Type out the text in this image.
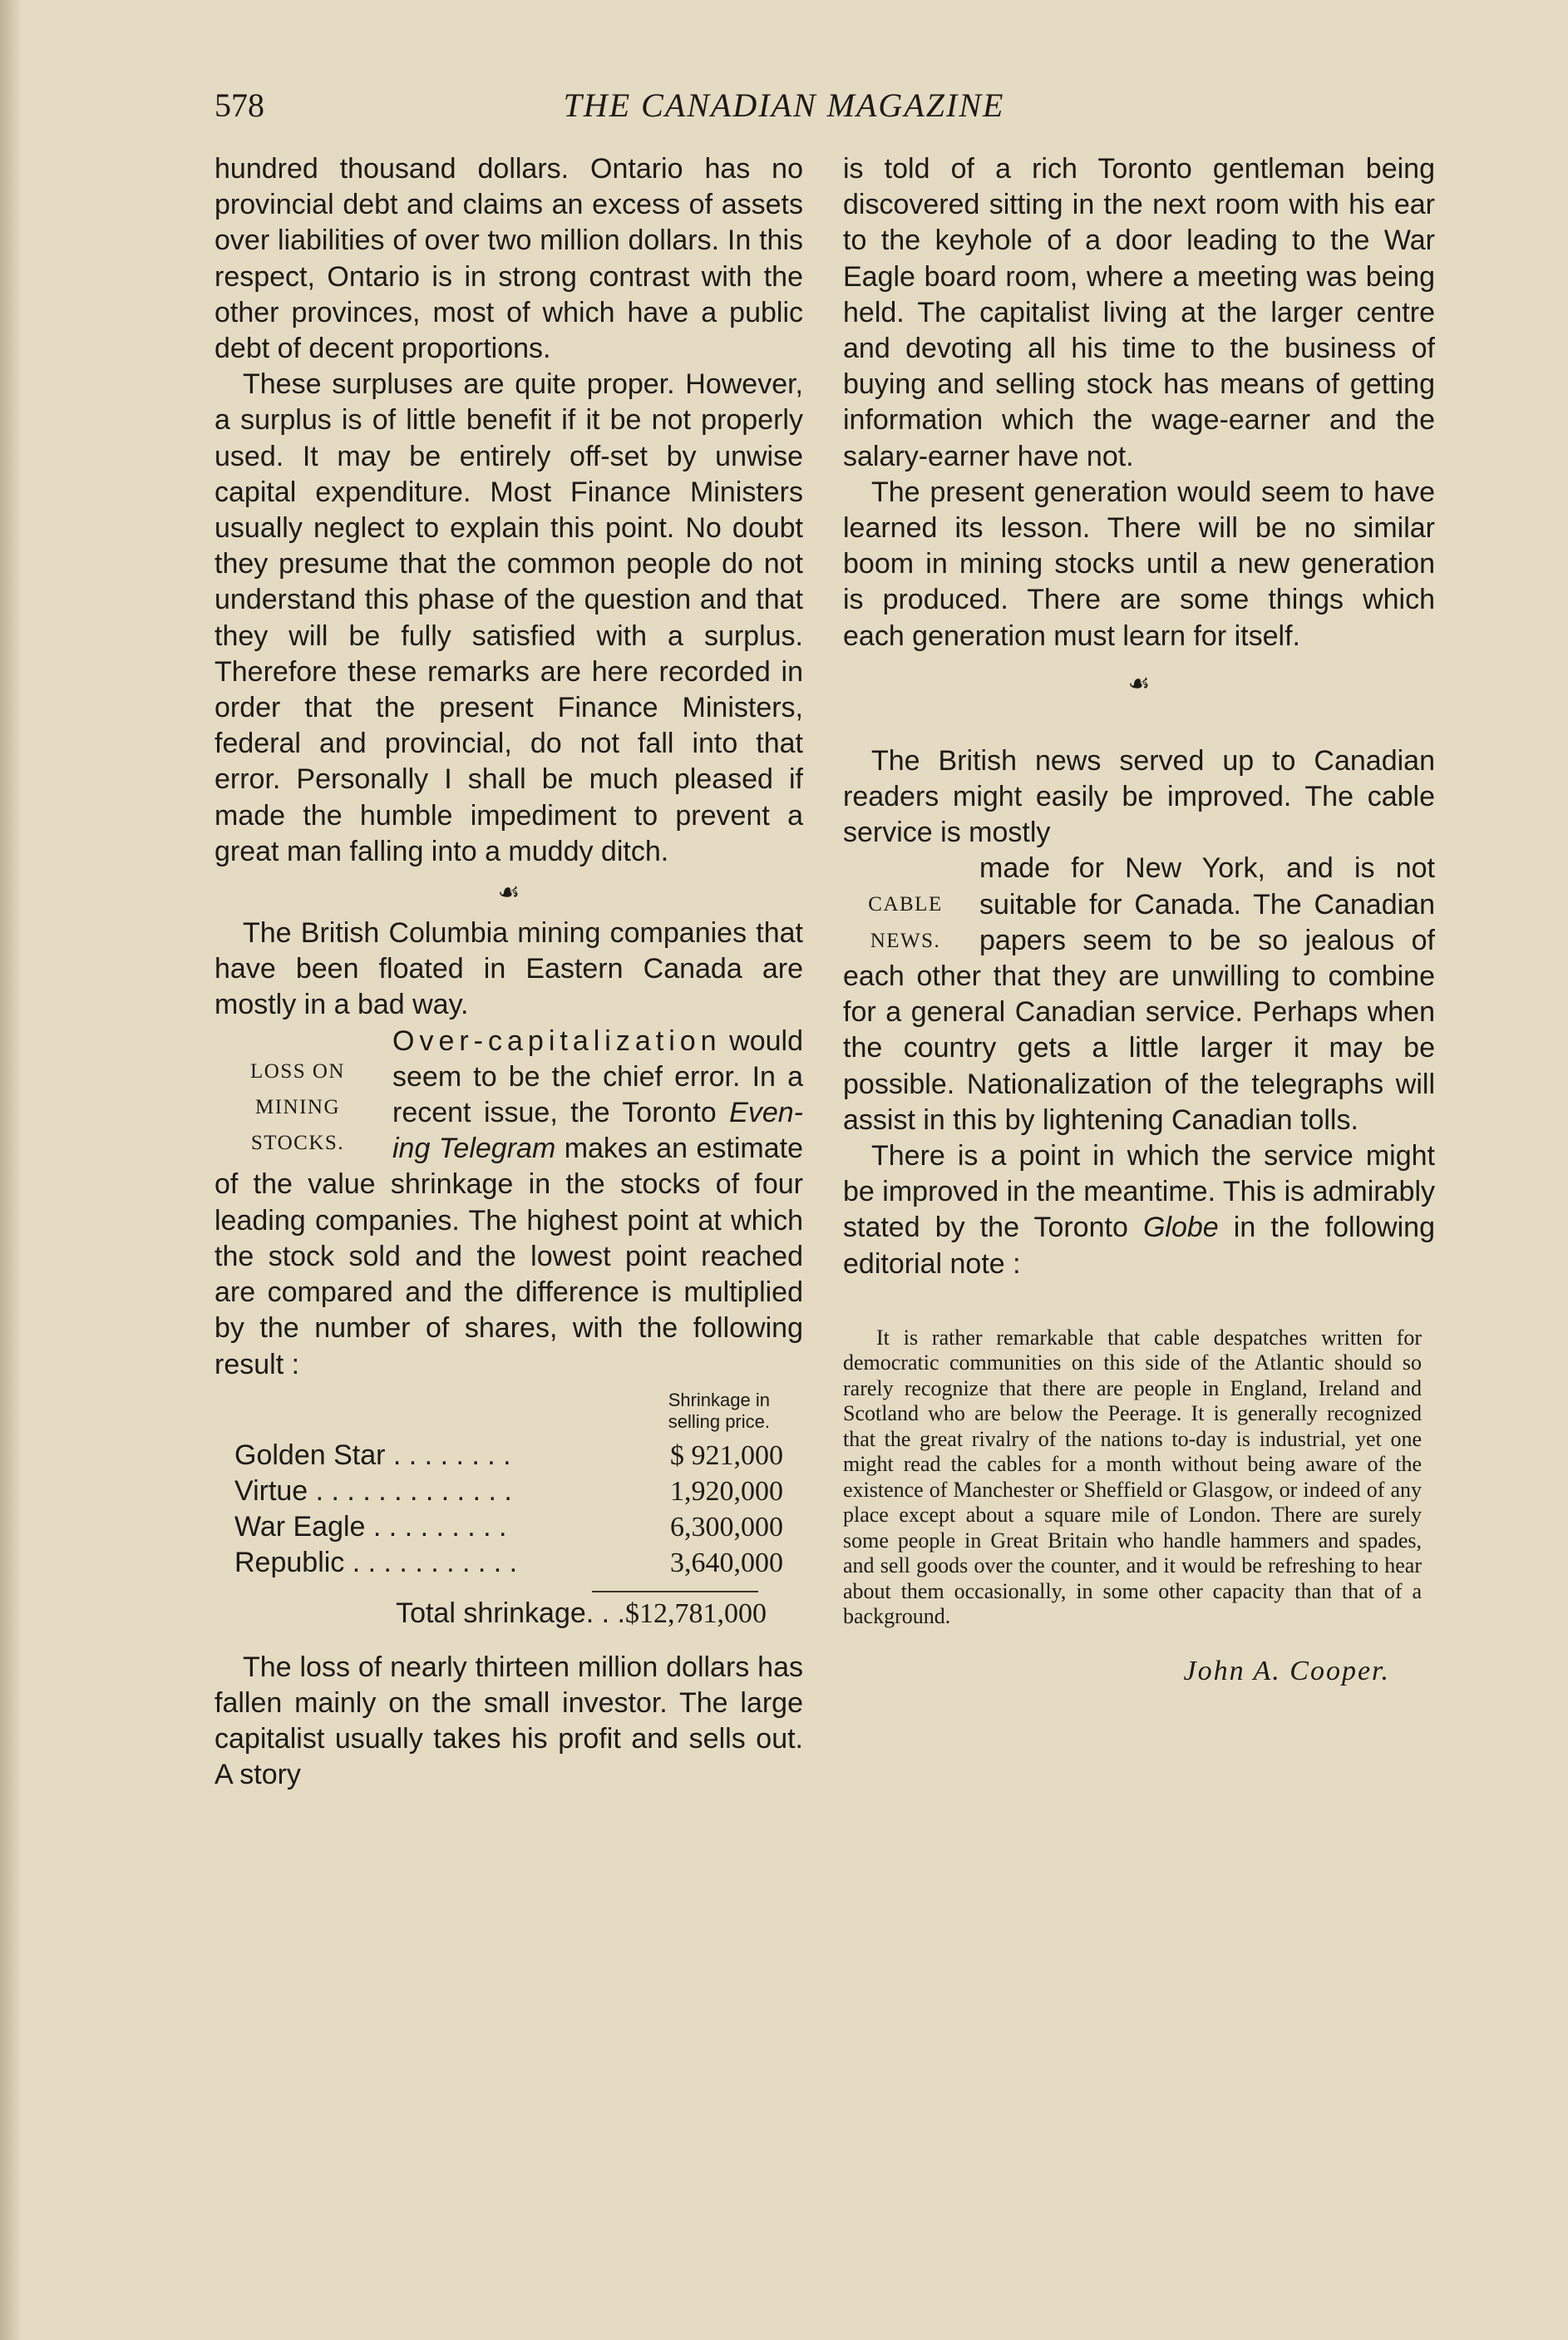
578	THE CANADIAN MAGAZINE

hundred thousand dollars. Ontario has no provincial debt and claims an excess of assets over liabilities of over two million dollars. In this respect, Ontario is in strong contrast with the other provinces, most of which have a public debt of decent proportions.

These surpluses are quite proper. However, a surplus is of little benefit if it be not properly used. It may be entirely off-set by unwise capital expenditure. Most Finance Ministers usually neglect to explain this point. No doubt they presume that the common people do not understand this phase of the question and that they will be fully satisfied with a surplus. Therefore these remarks are here recorded in order that the present Finance Ministers, federal and provincial, do not fall into that error. Personally I shall be much pleased if made the humble impediment to prevent a great man falling into a muddy ditch.

☙

The British Columbia mining companies that have been floated in Eastern Canada are mostly in a bad way.

LOSS ON
MINING
STOCKS.
Over-capitalization would seem to be the chief error. In a recent issue, the Toronto Evening Telegram makes an estimate of the value shrinkage in the stocks of four leading companies. The highest point at which the stock sold and the lowest point reached are compared and the difference is multiplied by the number of shares, with the following result :
Shrinkage in
selling price.
Golden Star . . . . . . . .	$ 921,000
Virtue . . . . . . . . . . . . .	1,920,000
War Eagle . . . . . . . . .	6,300,000
Republic . . . . . . . . . . .	3,640,000
Total shrinkage. . .$12,781,000

The loss of nearly thirteen million dollars has fallen mainly on the small investor. The large capitalist usually takes his profit and sells out. A story

is told of a rich Toronto gentleman being discovered sitting in the next room with his ear to the keyhole of a door leading to the War Eagle board room, where a meeting was being held. The capitalist living at the larger centre and devoting all his time to the business of buying and selling stock has means of getting information which the wage-earner and the salary-earner have not.

The present generation would seem to have learned its lesson. There will be no similar boom in mining stocks until a new generation is produced. There are some things which each generation must learn for itself.

☙

The British news served up to Canadian readers might easily be improved. The cable service is mostly

CABLE
NEWS.
made for New York, and is not suitable for Canada. The Canadian papers seem to be so jealous of each other that they are unwilling to combine for a general Canadian service. Perhaps when the country gets a little larger it may be possible. Nationalization of the telegraphs will assist in this by lightening Canadian tolls.

There is a point in which the service might be improved in the meantime. This is admirably stated by the Toronto Globe in the following editorial note :

It is rather remarkable that cable despatches written for democratic communities on this side of the Atlantic should so rarely recognize that there are people in England, Ireland and Scotland who are below the Peerage. It is generally recognized that the great rivalry of the nations to-day is industrial, yet one might read the cables for a month without being aware of the existence of Manchester or Sheffield or Glasgow, or indeed of any place except about a square mile of London. There are surely some people in Great Britain who handle hammers and spades, and sell goods over the counter, and it would be refreshing to hear about them occasionally, in some other capacity than that of a background.

John A. Cooper.
